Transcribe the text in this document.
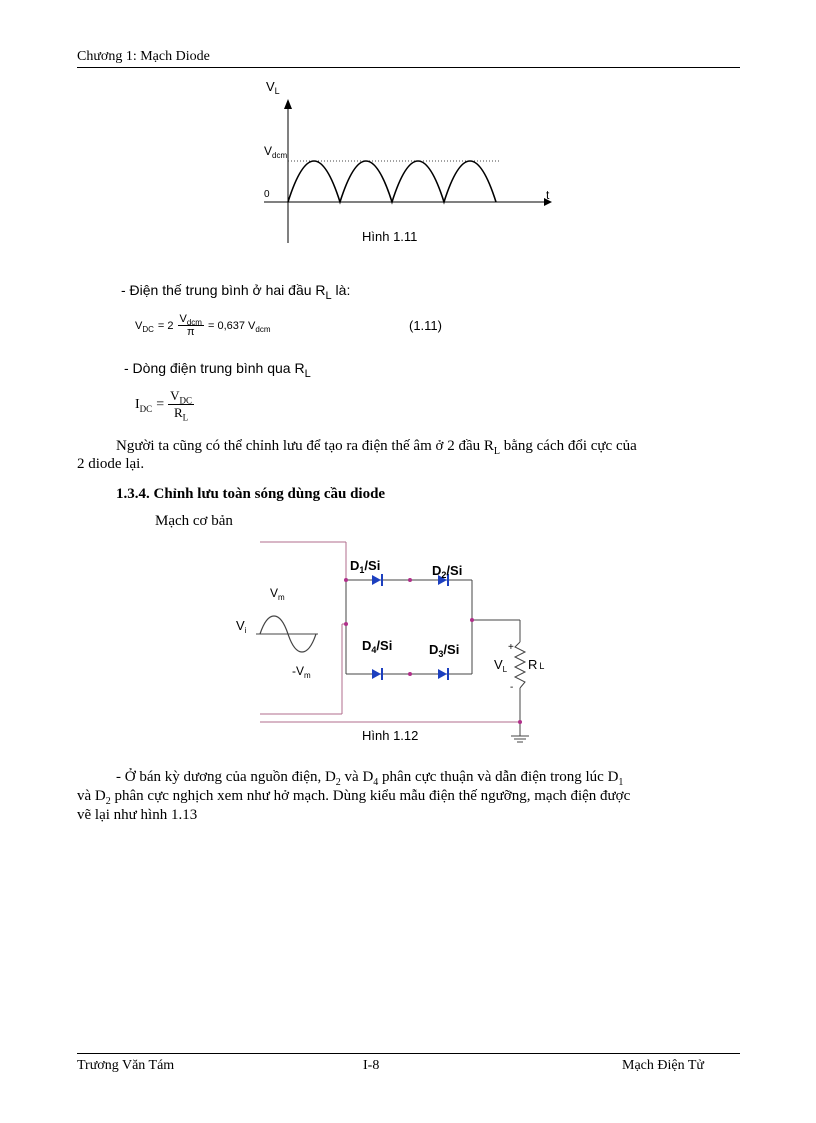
Chương 1: Mạch Diode
$V_L$
$V_{dcm}$
0	t
Hình 1.11
- Điện thế trung bình ở hai đầu $R_L$ là:
$V_{DC} = 2 \frac{V_{dcm}}{\pi} = 0,637$ $V_{dcm}$	(1.11)
- Dòng điện trung bình qua $R_L$
$I_{DC} = \frac{V_{DC}}{R_L}$
Người ta cũng có thể chỉnh lưu để tạo ra điện thế âm ở 2 đầu $R_L$ bằng cách đổi cực của
2 diode lại.
1.3.4. Chỉnh lưu toàn sóng dùng cầu diode
Mạch cơ bản
$D_1/Si$	$D_2/Si$
$D_4/Si$	$D_3/Si$
$V_m$
$-V_m$
$V_i$
+
-
$V_L$ R L
Hình 1.12
- Ở bán kỳ dương của nguồn điện, $D_2$ và $D_4$ phân cực thuận và dẫn điện trong lúc $D_1$
và $D_2$ phân cực nghịch xem như hở mạch. Dùng kiểu mẫu điện thế ngưỡng, mạch điện được
vẽ lại như hình 1.13
Trương Văn Tám	I-8	Mạch Điện Tử
